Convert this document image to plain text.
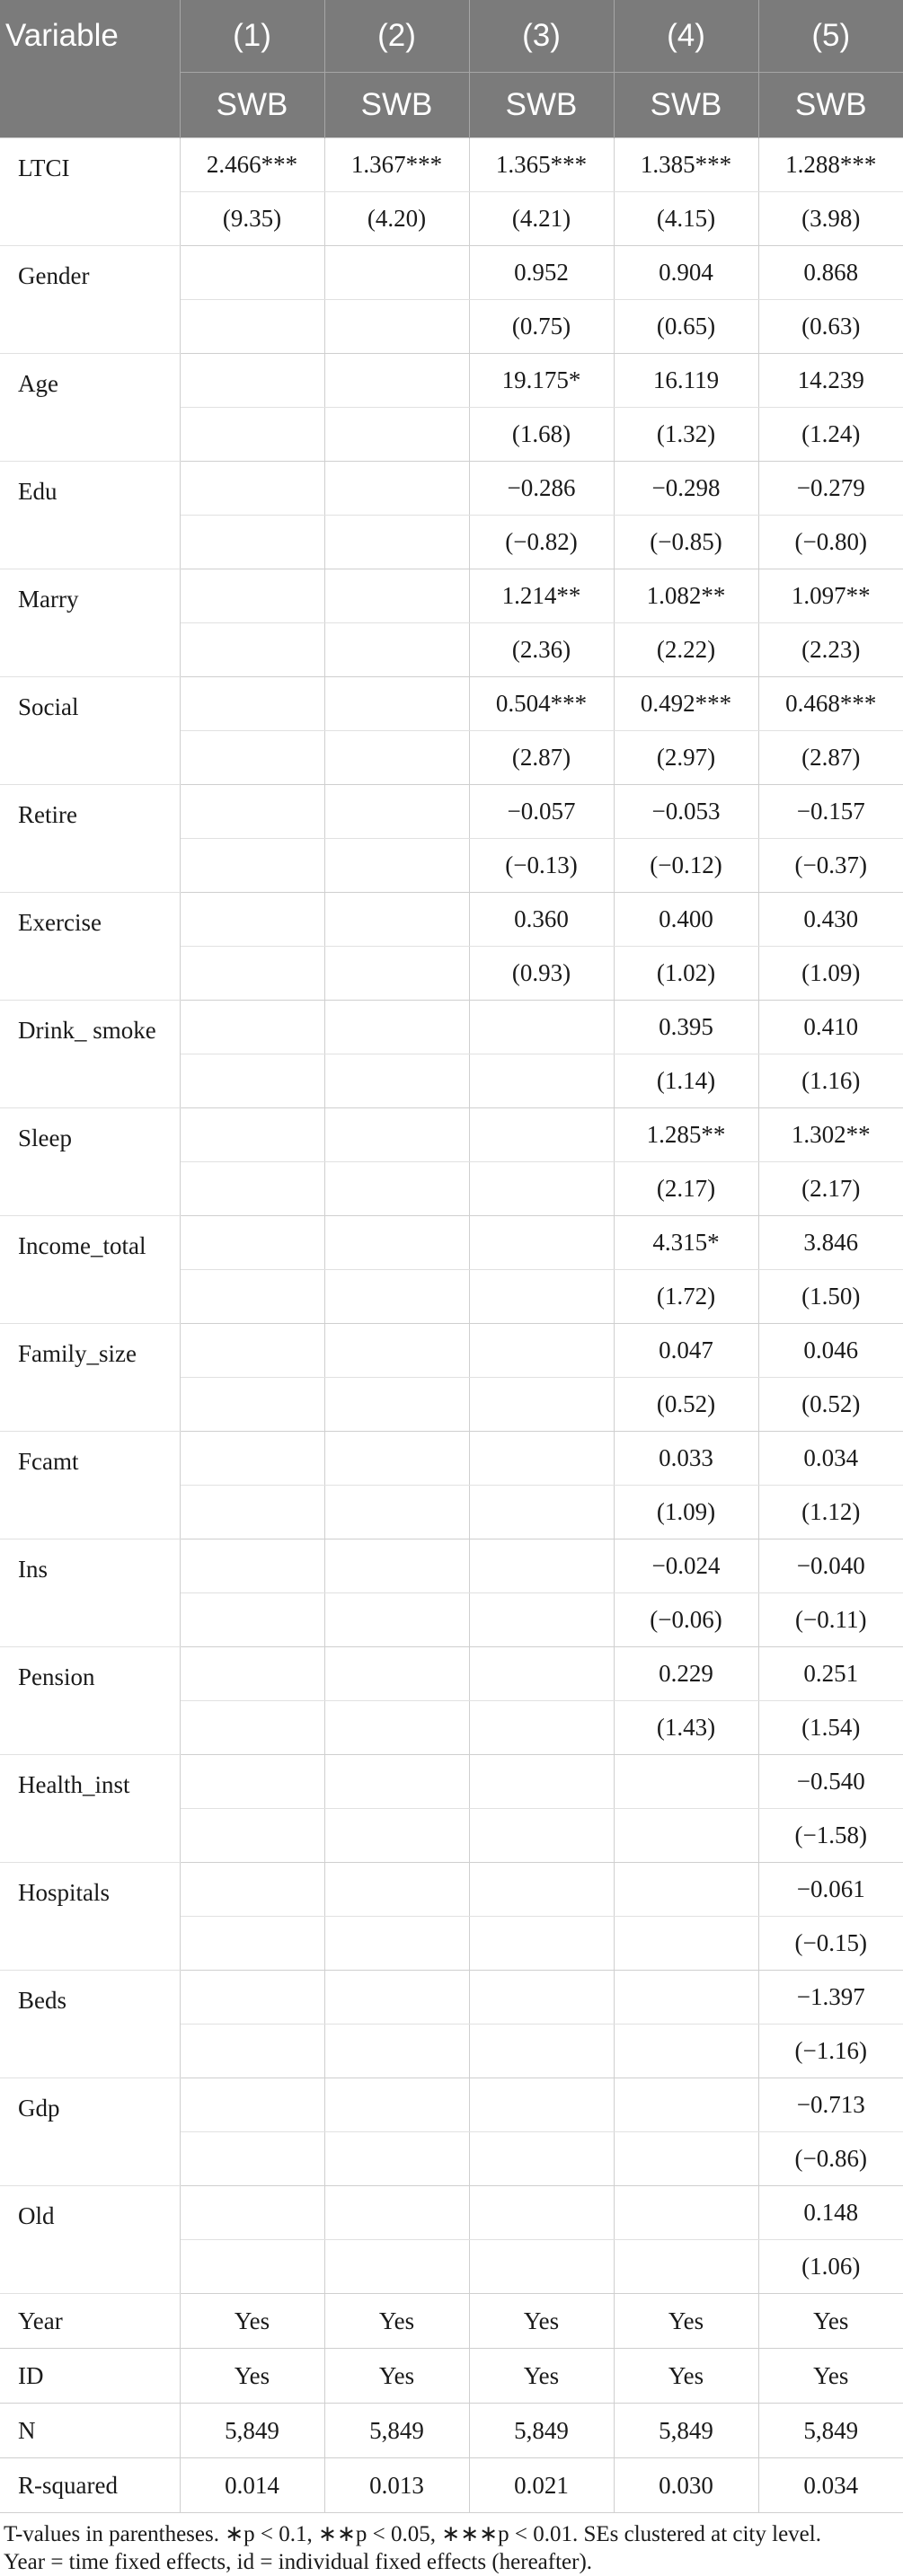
Variable	(1)	(2)	(3)	(4)	(5)
	SWB	SWB	SWB	SWB	SWB
LTCI	2.466***	1.367***	1.365***	1.385***	1.288***
	(9.35)	(4.20)	(4.21)	(4.15)	(3.98)
Gender			0.952	0.904	0.868
			(0.75)	(0.65)	(0.63)
Age			19.175*	16.119	14.239
			(1.68)	(1.32)	(1.24)
Edu			−0.286	−0.298	−0.279
			(−0.82)	(−0.85)	(−0.80)
Marry			1.214**	1.082**	1.097**
			(2.36)	(2.22)	(2.23)
Social			0.504***	0.492***	0.468***
			(2.87)	(2.97)	(2.87)
Retire			−0.057	−0.053	−0.157
			(−0.13)	(−0.12)	(−0.37)
Exercise			0.360	0.400	0.430
			(0.93)	(1.02)	(1.09)
Drink_ smoke				0.395	0.410
				(1.14)	(1.16)
Sleep				1.285**	1.302**
				(2.17)	(2.17)
Income_total				4.315*	3.846
				(1.72)	(1.50)
Family_size				0.047	0.046
				(0.52)	(0.52)
Fcamt				0.033	0.034
				(1.09)	(1.12)
Ins				−0.024	−0.040
				(−0.06)	(−0.11)
Pension				0.229	0.251
				(1.43)	(1.54)
Health_inst					−0.540
					(−1.58)
Hospitals					−0.061
					(−0.15)
Beds					−1.397
					(−1.16)
Gdp					−0.713
					(−0.86)
Old					0.148
					(1.06)
Year	Yes	Yes	Yes	Yes	Yes
ID	Yes	Yes	Yes	Yes	Yes
N	5,849	5,849	5,849	5,849	5,849
R-squared	0.014	0.013	0.021	0.030	0.034
T-values in parentheses. ∗p < 0.1, ∗∗p < 0.05, ∗∗∗p < 0.01. SEs clustered at city level.
Year = time fixed effects, id = individual fixed effects (hereafter).
